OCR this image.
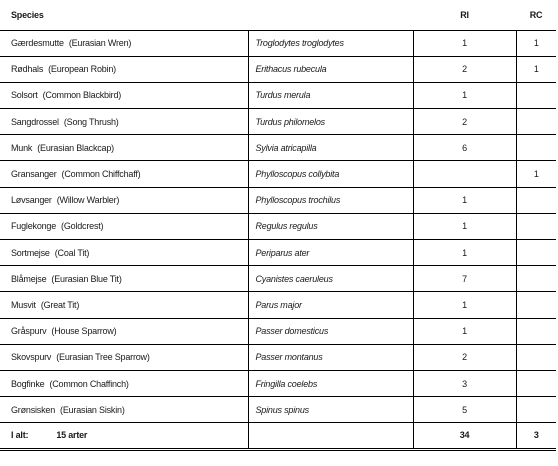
Species		RI	RC
Gærdesmutte (Eurasian Wren)	Troglodytes troglodytes	1	1
Rødhals (European Robin)	Erithacus rubecula	2	1
Solsort (Common Blackbird)	Turdus merula	1	
Sangdrossel (Song Thrush)	Turdus philomelos	2	
Munk (Eurasian Blackcap)	Sylvia atricapilla	6	
Gransanger (Common Chiffchaff)	Phylloscopus collybita		1
Løvsanger (Willow Warbler)	Phylloscopus trochilus	1	
Fuglekonge (Goldcrest)	Regulus regulus	1	
Sortmejse (Coal Tit)	Periparus ater	1	
Blåmejse (Eurasian Blue Tit)	Cyanistes caeruleus	7	
Musvit (Great Tit)	Parus major	1	
Gråspurv (House Sparrow)	Passer domesticus	1	
Skovspurv (Eurasian Tree Sparrow)	Passer montanus	2	
Bogfinke (Common Chaffinch)	Fringilla coelebs	3	
Grønsisken (Eurasian Siskin)	Spinus spinus	5	
I alt: 15 arter		34	3
